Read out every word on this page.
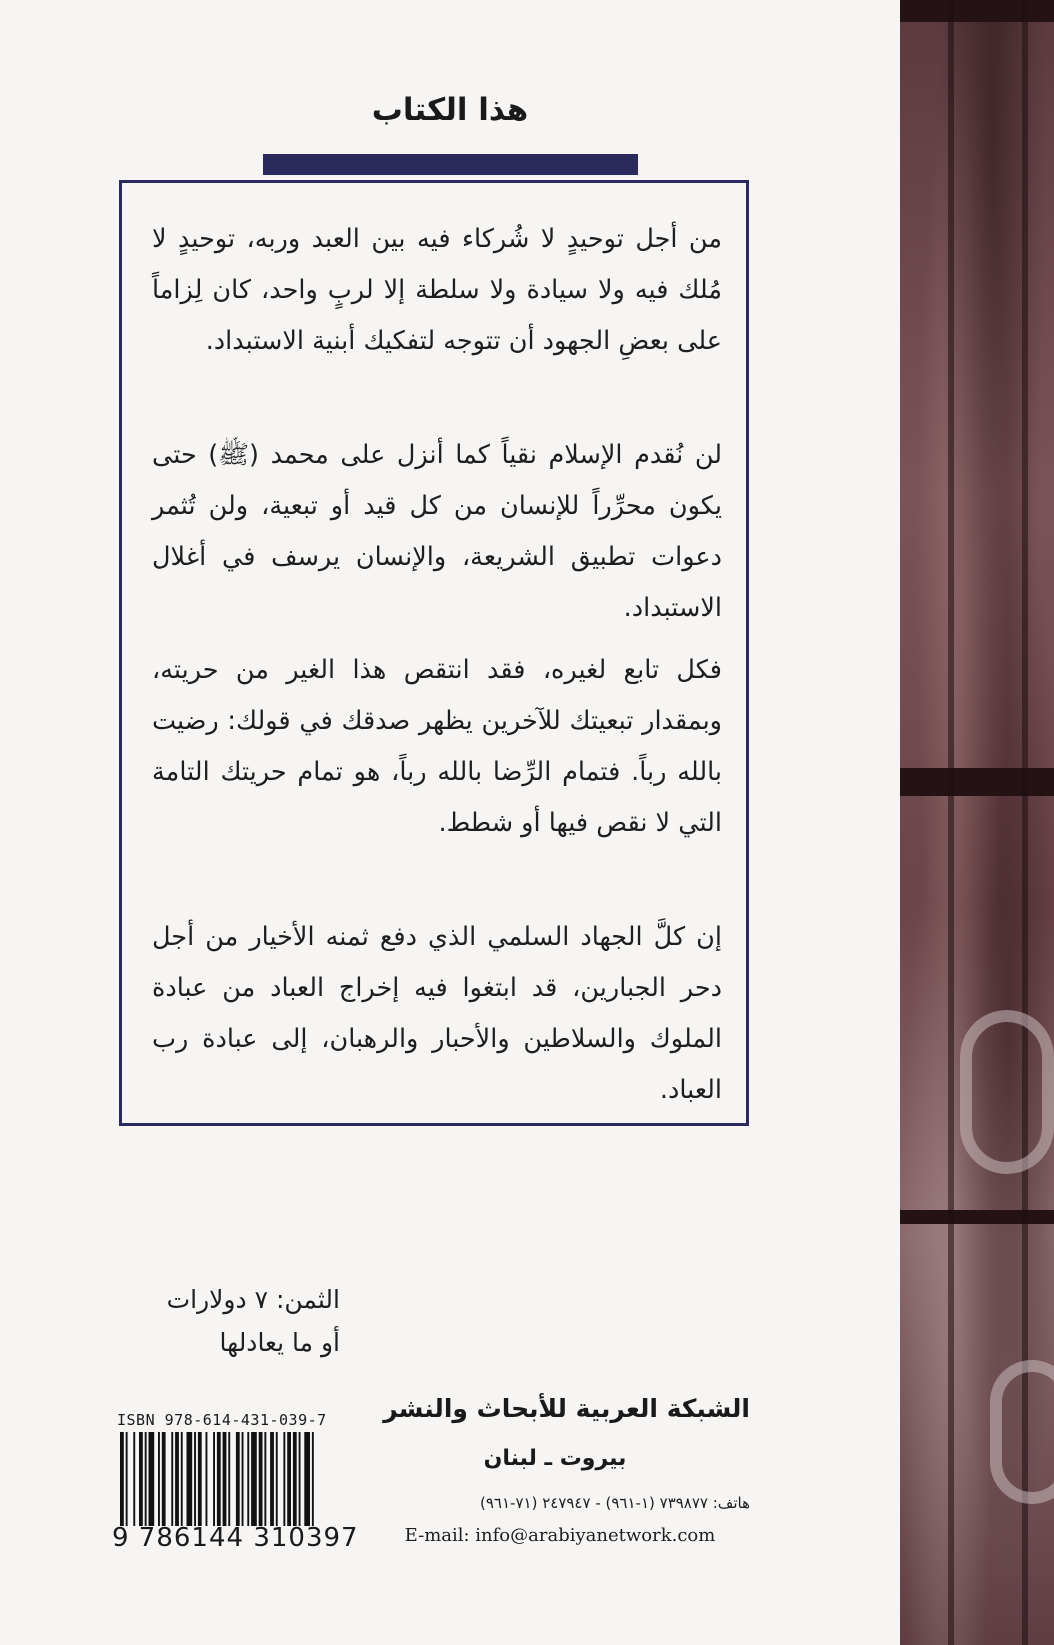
هذا الكتاب
من أجل توحيدٍ لا شُركاء فيه بين العبد وربه، توحيدٍ لا مُلك فيه ولا سيادة ولا سلطة إلا لربٍ واحد، كان لِزاماً على بعضِ الجهود أن تتوجه لتفكيك أبنية الاستبداد.
لن نُقدم الإسلام نقياً كما أنزل على محمد (ﷺ) حتى يكون محرِّراً للإنسان من كل قيد أو تبعية، ولن تُثمر دعوات تطبيق الشريعة، والإنسان يرسف في أغلال الاستبداد.
فكل تابع لغيره، فقد انتقص هذا الغير من حريته، وبمقدار تبعيتك للآخرين يظهر صدقك في قولك: رضيت بالله رباً. فتمام الرِّضا بالله رباً، هو تمام حريتك التامة التي لا نقص فيها أو شطط.
إن كلَّ الجهاد السلمي الذي دفع ثمنه الأخيار من أجل دحر الجبارين، قد ابتغوا فيه إخراج العباد من عبادة الملوك والسلاطين والأحبار والرهبان، إلى عبادة رب العباد.
الثمن: ٧ دولارات
أو ما يعادلها
الشبكة العربية للأبحاث والنشر
بيروت ـ لبنان
هاتف: ٧٣٩٨٧٧ (١-٩٦١) - ٢٤٧٩٤٧ (٧١-٩٦١)
E-mail: info@arabiyanetwork.com
ISBN 978-614-431-039-7
9 786144 310397
